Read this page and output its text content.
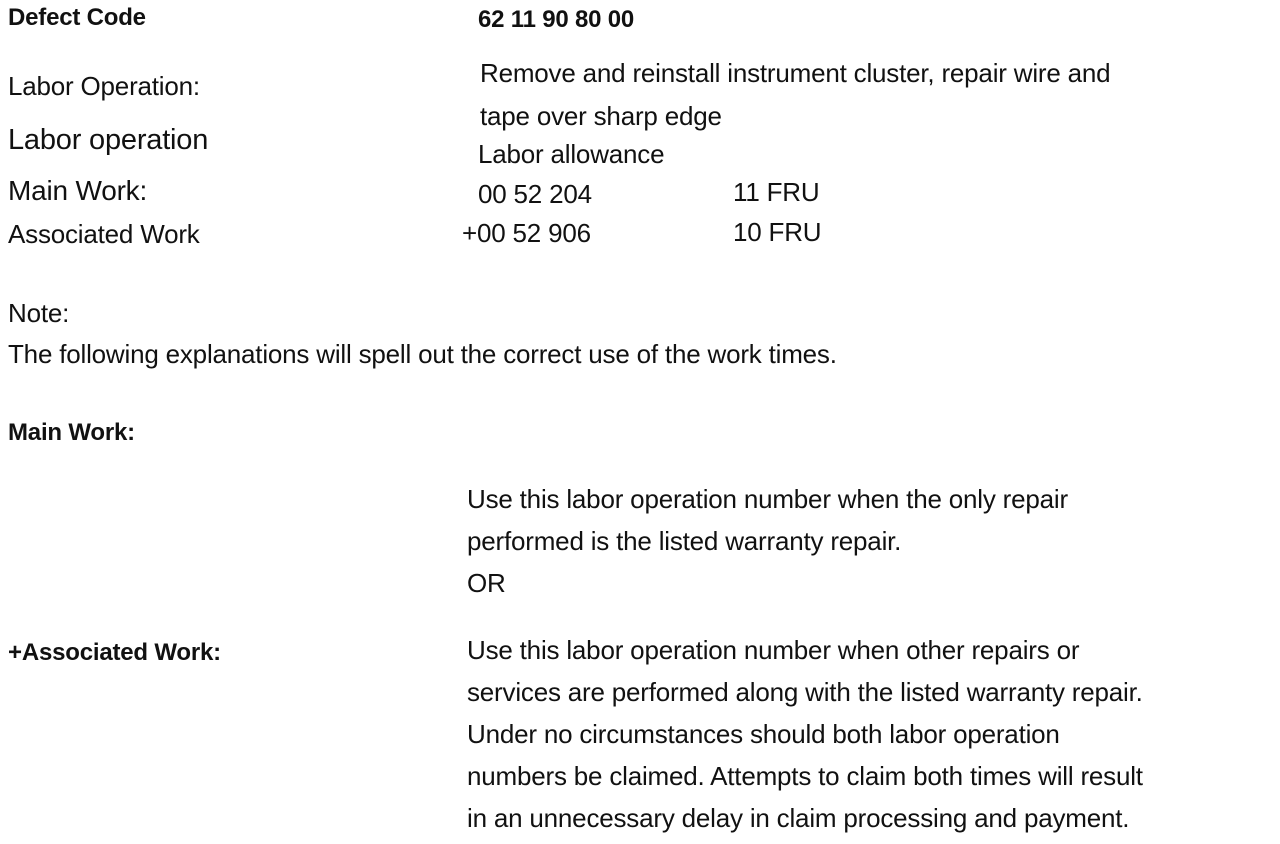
Defect Code	62 11 90 80 00
Labor Operation:	Remove and reinstall instrument cluster, repair wire and
tape over sharp edge
Labor operation	Labor allowance
Main Work:	00 52 204	11 FRU
Associated Work	+00 52 906	10 FRU
Note:
The following explanations will spell out the correct use of the work times.
Main Work:
Use this labor operation number when the only repair
performed is the listed warranty repair.
OR
+Associated Work:	Use this labor operation number when other repairs or
services are performed along with the listed warranty repair.
Under no circumstances should both labor operation
numbers be claimed. Attempts to claim both times will result
in an unnecessary delay in claim processing and payment.
